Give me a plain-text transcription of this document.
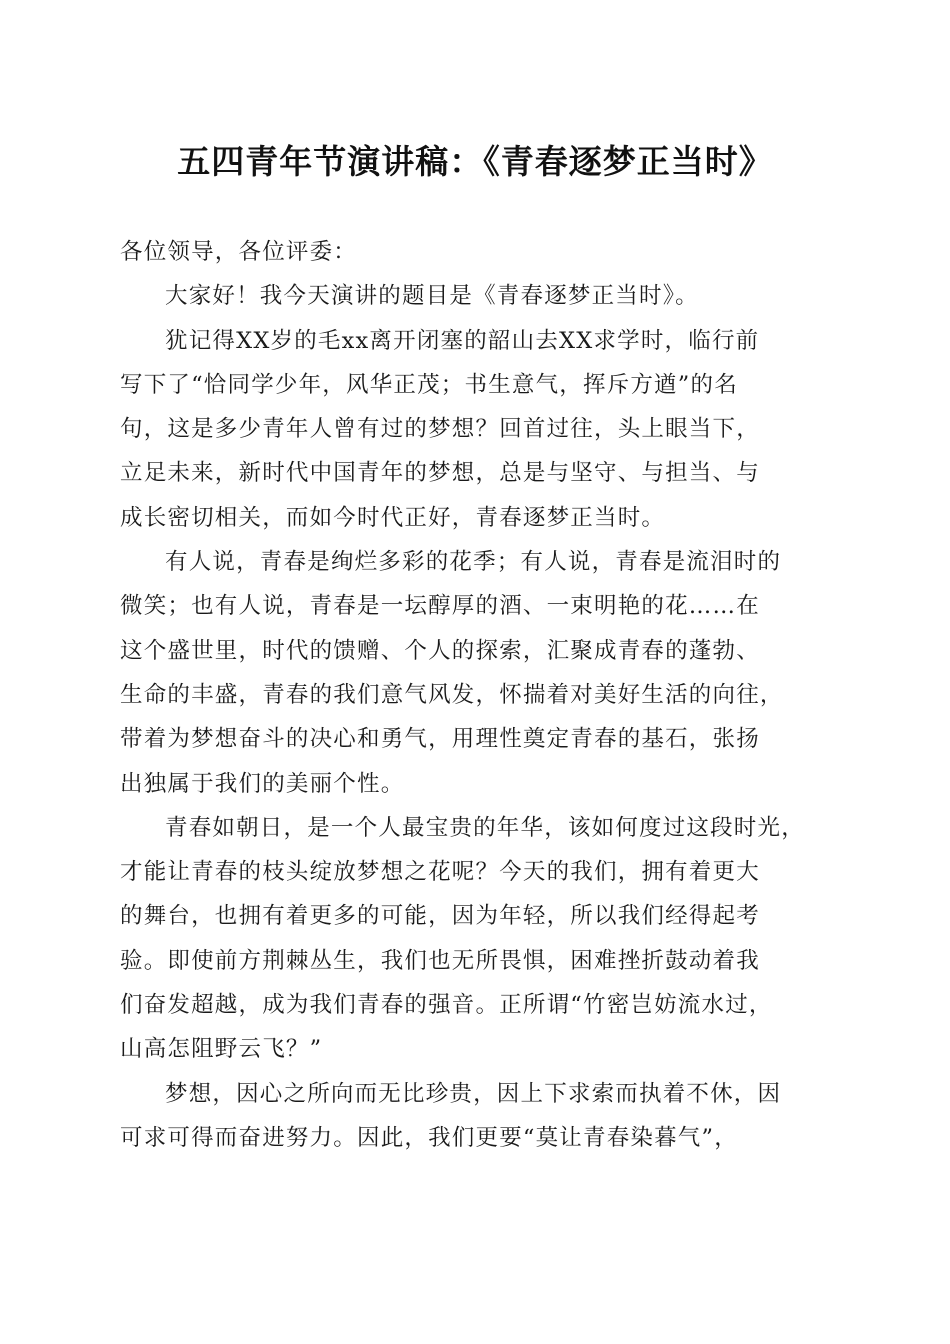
五四青年节演讲稿：《青春逐梦正当时》
各位领导，各位评委：
大家好！我今天演讲的题目是《青春逐梦正当时》。
犹记得XX岁的毛xx离开闭塞的韶山去XX求学时，临行前
写下了“恰同学少年，风华正茂；书生意气，挥斥方遒”的名
句，这是多少青年人曾有过的梦想？回首过往，头上眼当下，
立足未来，新时代中国青年的梦想，总是与坚守、与担当、与
成长密切相关，而如今时代正好，青春逐梦正当时。
有人说，青春是绚烂多彩的花季；有人说，青春是流泪时的
微笑；也有人说，青春是一坛醇厚的酒、一束明艳的花……在
这个盛世里，时代的馈赠、个人的探索，汇聚成青春的蓬勃、
生命的丰盛，青春的我们意气风发，怀揣着对美好生活的向往，
带着为梦想奋斗的决心和勇气，用理性奠定青春的基石，张扬
出独属于我们的美丽个性。
青春如朝日，是一个人最宝贵的年华，该如何度过这段时光，
才能让青春的枝头绽放梦想之花呢？今天的我们，拥有着更大
的舞台，也拥有着更多的可能，因为年轻，所以我们经得起考
验。即使前方荆棘丛生，我们也无所畏惧，困难挫折鼓动着我
们奋发超越，成为我们青春的强音。正所谓“竹密岂妨流水过，
山高怎阻野云飞？”
梦想，因心之所向而无比珍贵，因上下求索而执着不休，因
可求可得而奋进努力。因此，我们更要“莫让青春染暮气”，
